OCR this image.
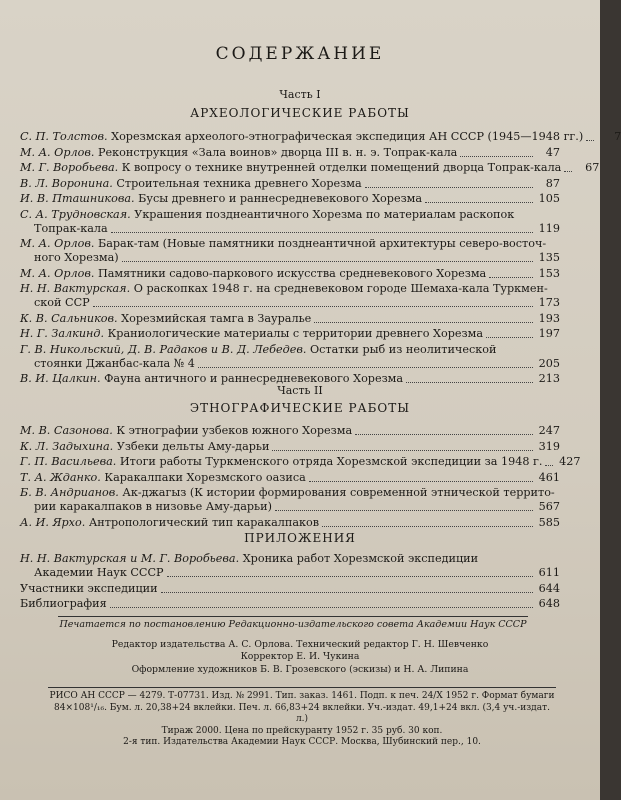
СОДЕРЖАНИЕ
Часть I
АРХЕОЛОГИЧЕСКИЕ РАБОТЫ
С. П. Толстов. Хорезмская археолого-этнографическая экспедиция АН СССР (1945—1948 гг.)	7
М. А. Орлов. Реконструкция «Зала воинов» дворца III в. н. э. Топрак-кала	47
М. Г. Воробьева. К вопросу о технике внутренней отделки помещений дворца Топрак-кала	67
В. Л. Воронина. Строительная техника древнего Хорезма	87
И. В. Пташникова. Бусы древнего и раннесредневекового Хорезма	105
С. А. Трудновская. Украшения позднеантичного Хорезма по материалам раскопок
Топрак-кала	119
М. А. Орлов. Барак-там (Новые памятники позднеантичной архитектуры северо-восточ-
ного Хорезма)	135
М. А. Орлов. Памятники садово-паркового искусства средневекового Хорезма	153
Н. Н. Вактурская. О раскопках 1948 г. на средневековом городе Шемаха-кала Туркмен-
ской ССР	173
К. В. Сальников. Хорезмийская тамга в Зауралье	193
Н. Г. Залкинд. Краниологические материалы с территории древнего Хорезма	197
Г. В. Никольский, Д. В. Радаков и В. Д. Лебедев. Остатки рыб из неолитической
стоянки Джанбас-кала № 4	205
В. И. Цалкин. Фауна античного и раннесредневекового Хорезма	213
Часть II
ЭТНОГРАФИЧЕСКИЕ РАБОТЫ
М. В. Сазонова. К этнографии узбеков южного Хорезма	247
К. Л. Задыхина. Узбеки дельты Аму-дарьи	319
Г. П. Васильева. Итоги работы Туркменского отряда Хорезмской экспедиции за 1948 г. 427
Т. А. Жданко. Каракалпаки Хорезмского оазиса	461
Б. В. Андрианов. Ак-джагыз (К истории формирования современной этнической террито-
рии каракалпаков в низовье Аму-дарьи)	567
А. И. Ярхо. Антропологический тип каракалпаков	585
ПРИЛОЖЕНИЯ
Н. Н. Вактурская и М. Г. Воробьева. Хроника работ Хорезмской экспедиции
Академии Наук СССР	611
Участники экспедиции	644
Библиография	648
Печатается по постановлению Редакционно-издательского совета Академии Наук СССР
Редактор издательства А. С. Орлова. Технический редактор Г. Н. Шевченко
Корректор Е. И. Чукина
Оформление художников Б. В. Грозевского (эскизы) и Н. А. Липина
РИСО АН СССР — 4279. Т-07731. Изд. № 2991. Тип. заказ. 1461. Подп. к печ. 24/X 1952 г. Формат бумаги
84×108¹/₁₆. Бум. л. 20,38+24 вклейки. Печ. л. 66,83+24 вклейки. Уч.-издат. 49,1+24 вкл. (3,4 уч.-издат. л.)
Тираж 2000. Цена по прейскуранту 1952 г. 35 руб. 30 коп.
2-я тип. Издательства Академии Наук СССР. Москва, Шубинский пер., 10.
